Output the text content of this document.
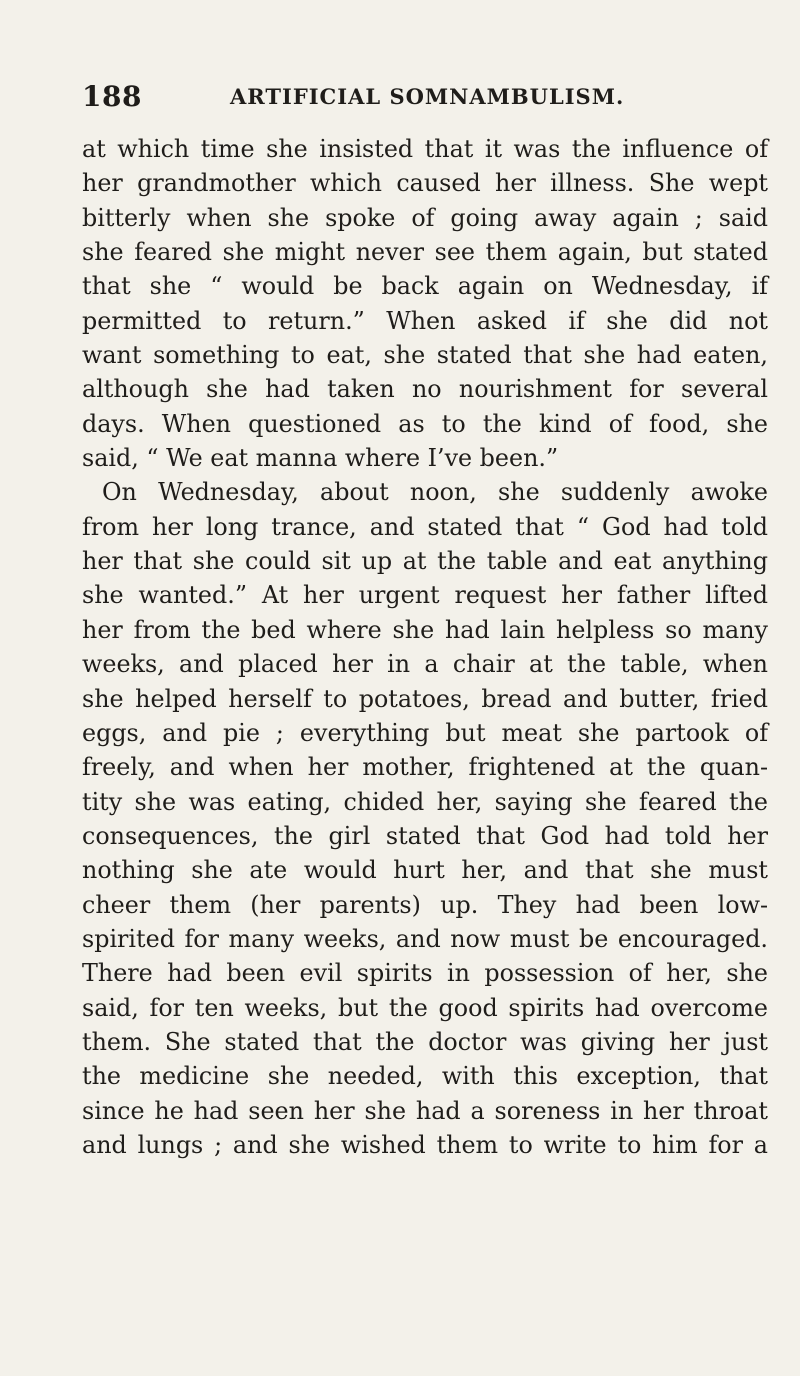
188	ARTIFICIAL SOMNAMBULISM.
at which time she insisted that it was the influence of
her grandmother which caused her illness. She wept
bitterly when she spoke of going away again ; said
she feared she might never see them again, but stated
that she “ would be back again on Wednesday, if
permitted to return.” When asked if she did not
want something to eat, she stated that she had eaten,
although she had taken no nourishment for several
days. When questioned as to the kind of food, she
said, “ We eat manna where I’ve been.”
On Wednesday, about noon, she suddenly awoke
from her long trance, and stated that “ God had told
her that she could sit up at the table and eat anything
she wanted.” At her urgent request her father lifted
her from the bed where she had lain helpless so many
weeks, and placed her in a chair at the table, when
she helped herself to potatoes, bread and butter, fried
eggs, and pie ; everything but meat she partook of
freely, and when her mother, frightened at the quan-
tity she was eating, chided her, saying she feared the
consequences, the girl stated that God had told her
nothing she ate would hurt her, and that she must
cheer them (her parents) up. They had been low-
spirited for many weeks, and now must be encouraged.
There had been evil spirits in possession of her, she
said, for ten weeks, but the good spirits had overcome
them. She stated that the doctor was giving her just
the medicine she needed, with this exception, that
since he had seen her she had a soreness in her throat
and lungs ; and she wished them to write to him for a
